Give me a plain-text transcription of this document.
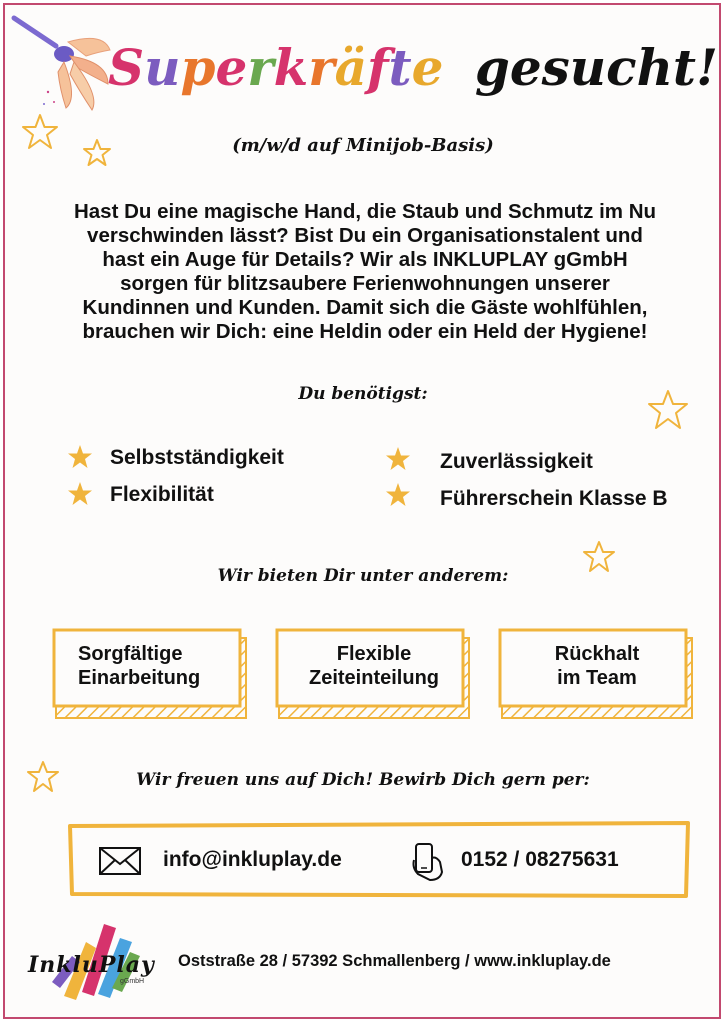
Superkräfte gesucht!
(m/w/d auf Minijob-Basis)

Hast Du eine magische Hand, die Staub und Schmutz im Nu

verschwinden lässt? Bist Du ein Organisationstalent und

hast ein Auge für Details? Wir als INKLUPLAY gGmbH

sorgen für blitzsaubere Ferienwohnungen unserer

Kundinnen und Kunden. Damit sich die Gäste wohlfühlen,

brauchen wir Dich: eine Heldin oder ein Held der Hygiene!

Du benötigst:
Selbstständigkeit
Flexibilität
Zuverlässigkeit
Führerschein Klasse B
Wir bieten Dir unter anderem:
Sorgfältige
Einarbeitung
Flexible
Zeiteinteilung
Rückhalt
im Team
Wir freuen uns auf Dich! Bewirb Dich gern per:
info@inkluplay.de	0152 / 08275631
InkluPlay
gGmbH
Oststraße 28 / 57392 Schmallenberg / www.inkluplay.de
